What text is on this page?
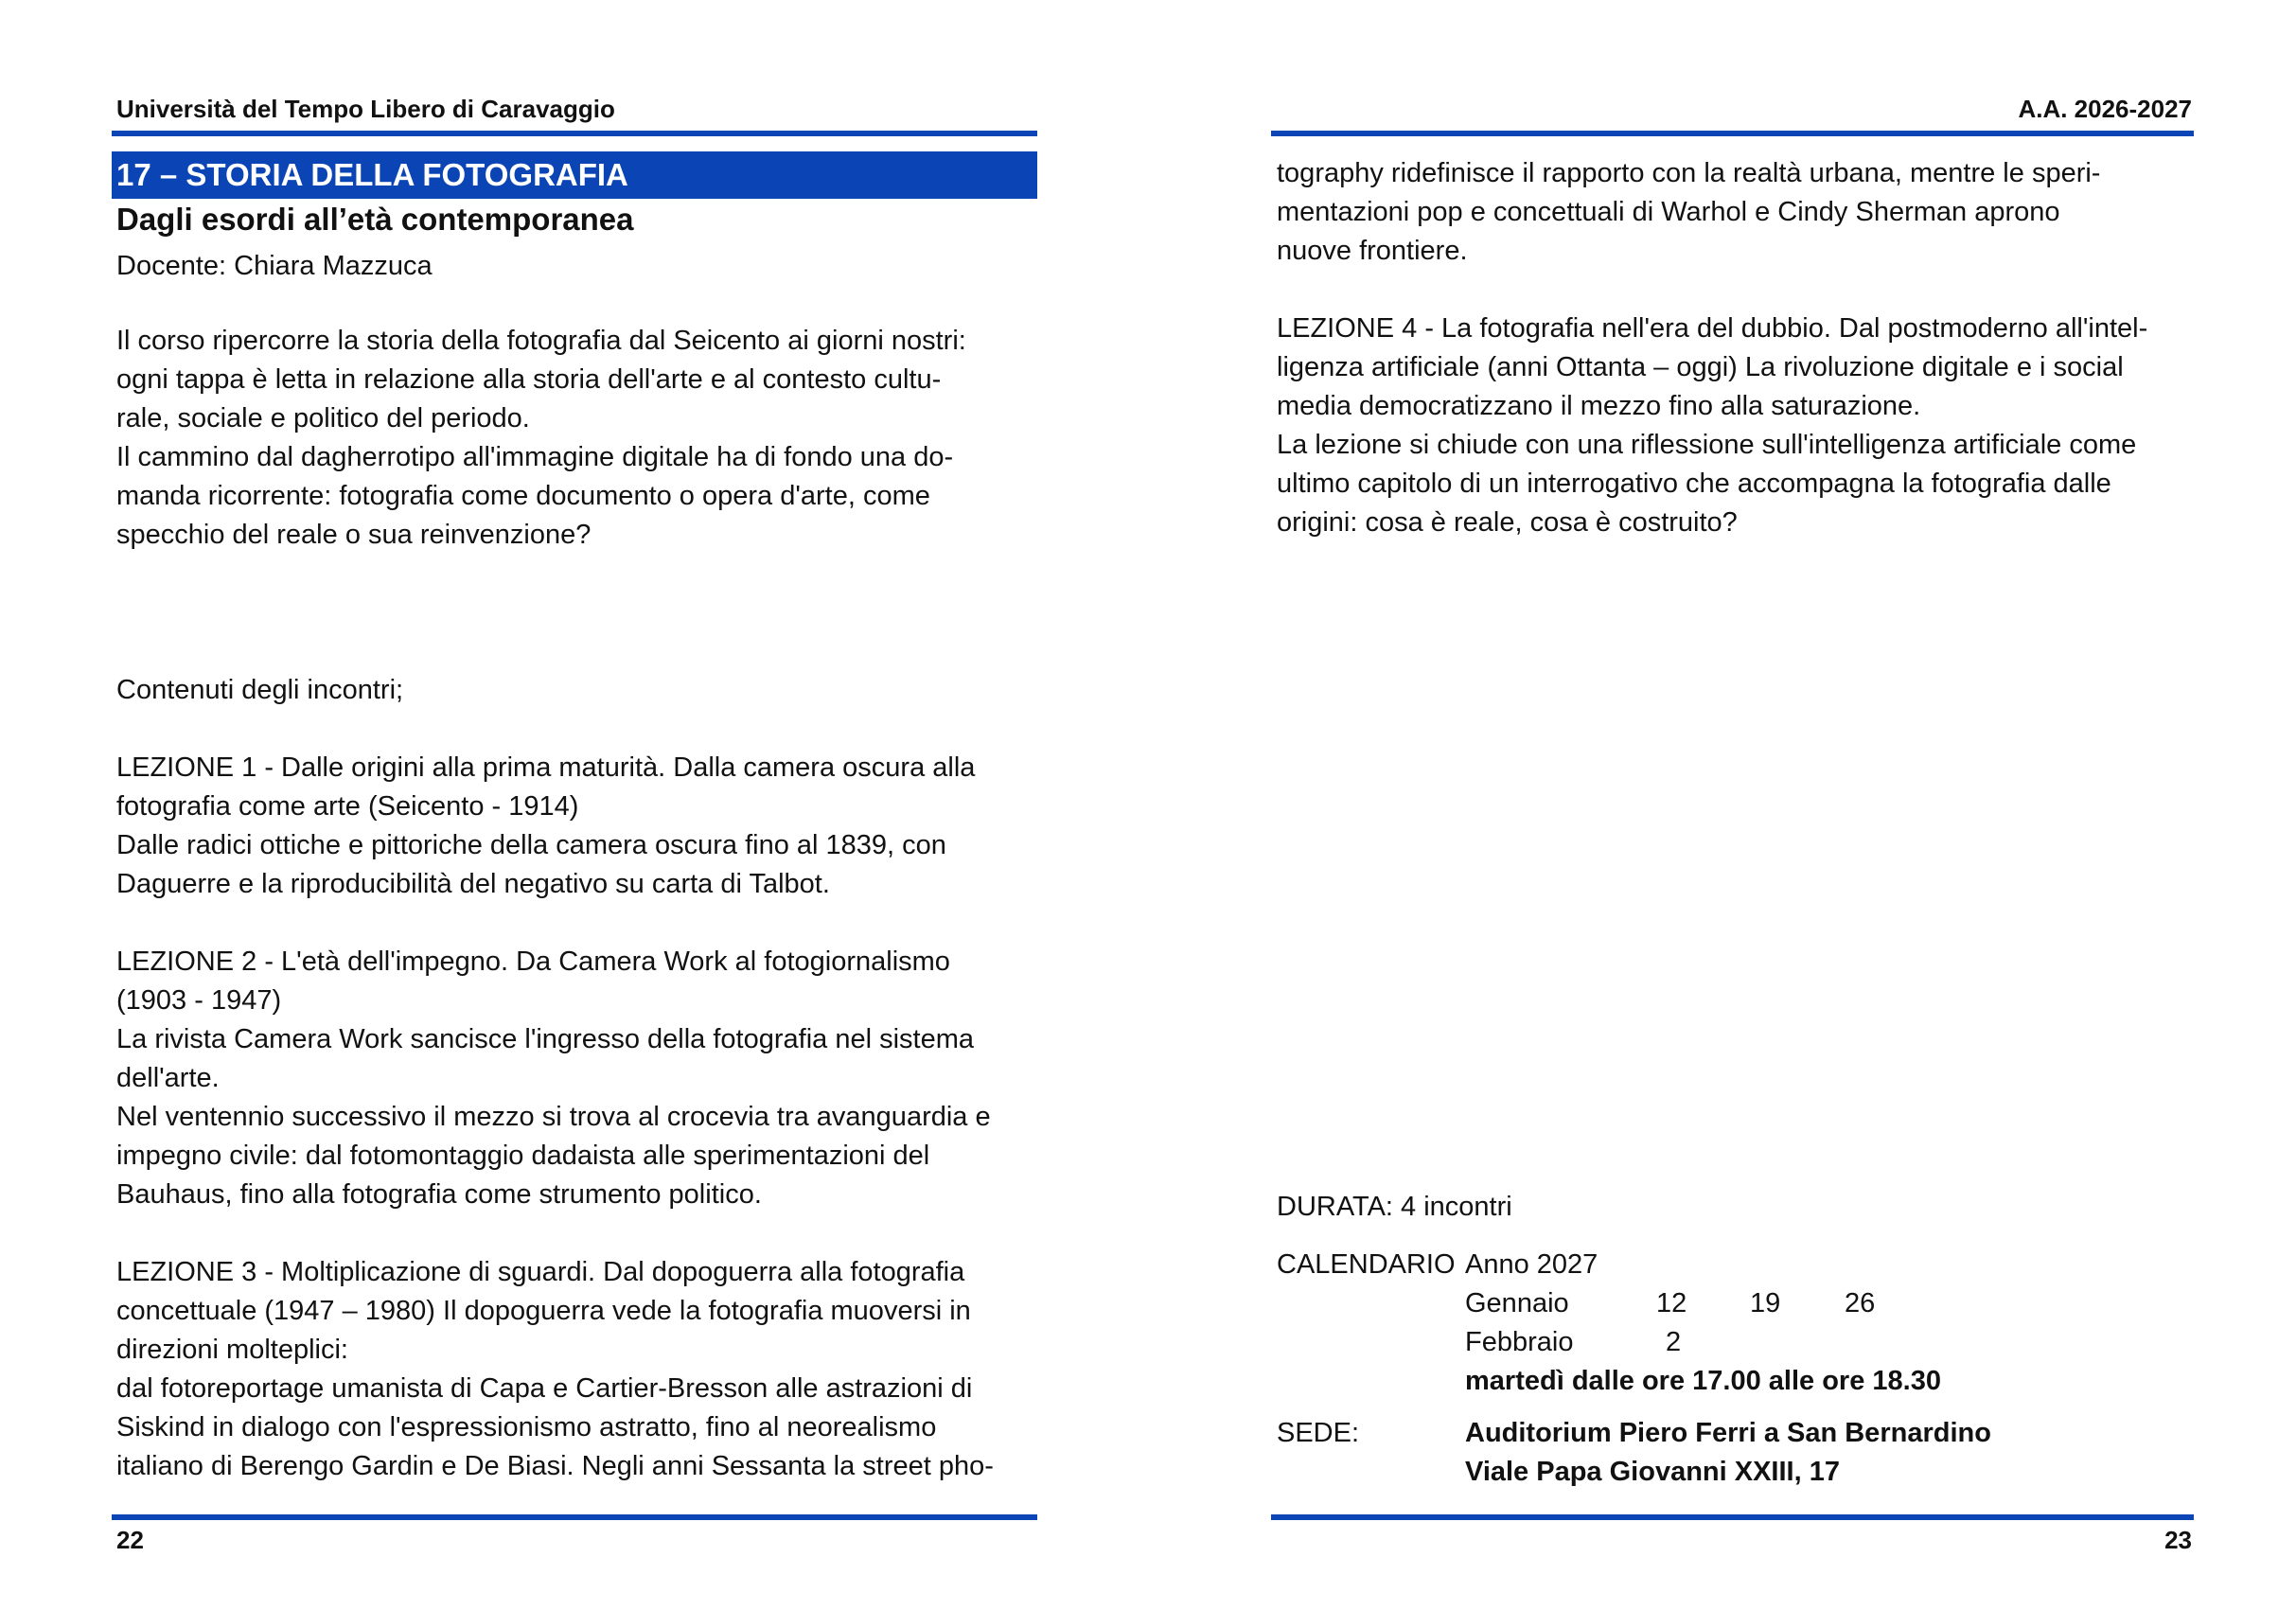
Università del Tempo Libero di Caravaggio
17 – STORIA DELLA FOTOGRAFIA
Dagli esordi all’età contemporanea
Docente: Chiara Mazzuca

Il corso ripercorre la storia della fotografia dal Seicento ai giorni nostri:

ogni tappa è letta in relazione alla storia dell'arte e al contesto cultu-

rale, sociale e politico del periodo.

Il cammino dal dagherrotipo all'immagine digitale ha di fondo una do-

manda ricorrente: fotografia come documento o opera d'arte, come

specchio del reale o sua reinvenzione?

Contenuti degli incontri;

LEZIONE 1 - Dalle origini alla prima maturità. Dalla camera oscura alla

fotografia come arte (Seicento - 1914)

Dalle radici ottiche e pittoriche della camera oscura fino al 1839, con

Daguerre e la riproducibilità del negativo su carta di Talbot.

LEZIONE 2 - L'età dell'impegno. Da Camera Work al fotogiornalismo

(1903 - 1947)

La rivista Camera Work sancisce l'ingresso della fotografia nel sistema

dell'arte.

Nel ventennio successivo il mezzo si trova al crocevia tra avanguardia e

impegno civile: dal fotomontaggio dadaista alle sperimentazioni del

Bauhaus, fino alla fotografia come strumento politico.

LEZIONE 3 - Moltiplicazione di sguardi. Dal dopoguerra alla fotografia

concettuale (1947 – 1980) Il dopoguerra vede la fotografia muoversi in

direzioni molteplici:

dal fotoreportage umanista di Capa e Cartier-Bresson alle astrazioni di

Siskind in dialogo con l'espressionismo astratto, fino al neorealismo

italiano di Berengo Gardin e De Biasi. Negli anni Sessanta la street pho-

22
A.A. 2026-2027

tography ridefinisce il rapporto con la realtà urbana, mentre le speri-

mentazioni pop e concettuali di Warhol e Cindy Sherman aprono

nuove frontiere.

LEZIONE 4 - La fotografia nell'era del dubbio. Dal postmoderno all'intel-

ligenza artificiale (anni Ottanta – oggi) La rivoluzione digitale e i social

media democratizzano il mezzo fino alla saturazione.

La lezione si chiude con una riflessione sull'intelligenza artificiale come

ultimo capitolo di un interrogativo che accompagna la fotografia dalle

origini: cosa è reale, cosa è costruito?

DURATA: 4 incontri
CALENDARIO Anno 2027
Gennaio	12 19 26
Febbraio	2
martedì dalle ore 17.00 alle ore 18.30
SEDE:	Auditorium Piero Ferri a San Bernardino
Viale Papa Giovanni XXIII, 17
23
